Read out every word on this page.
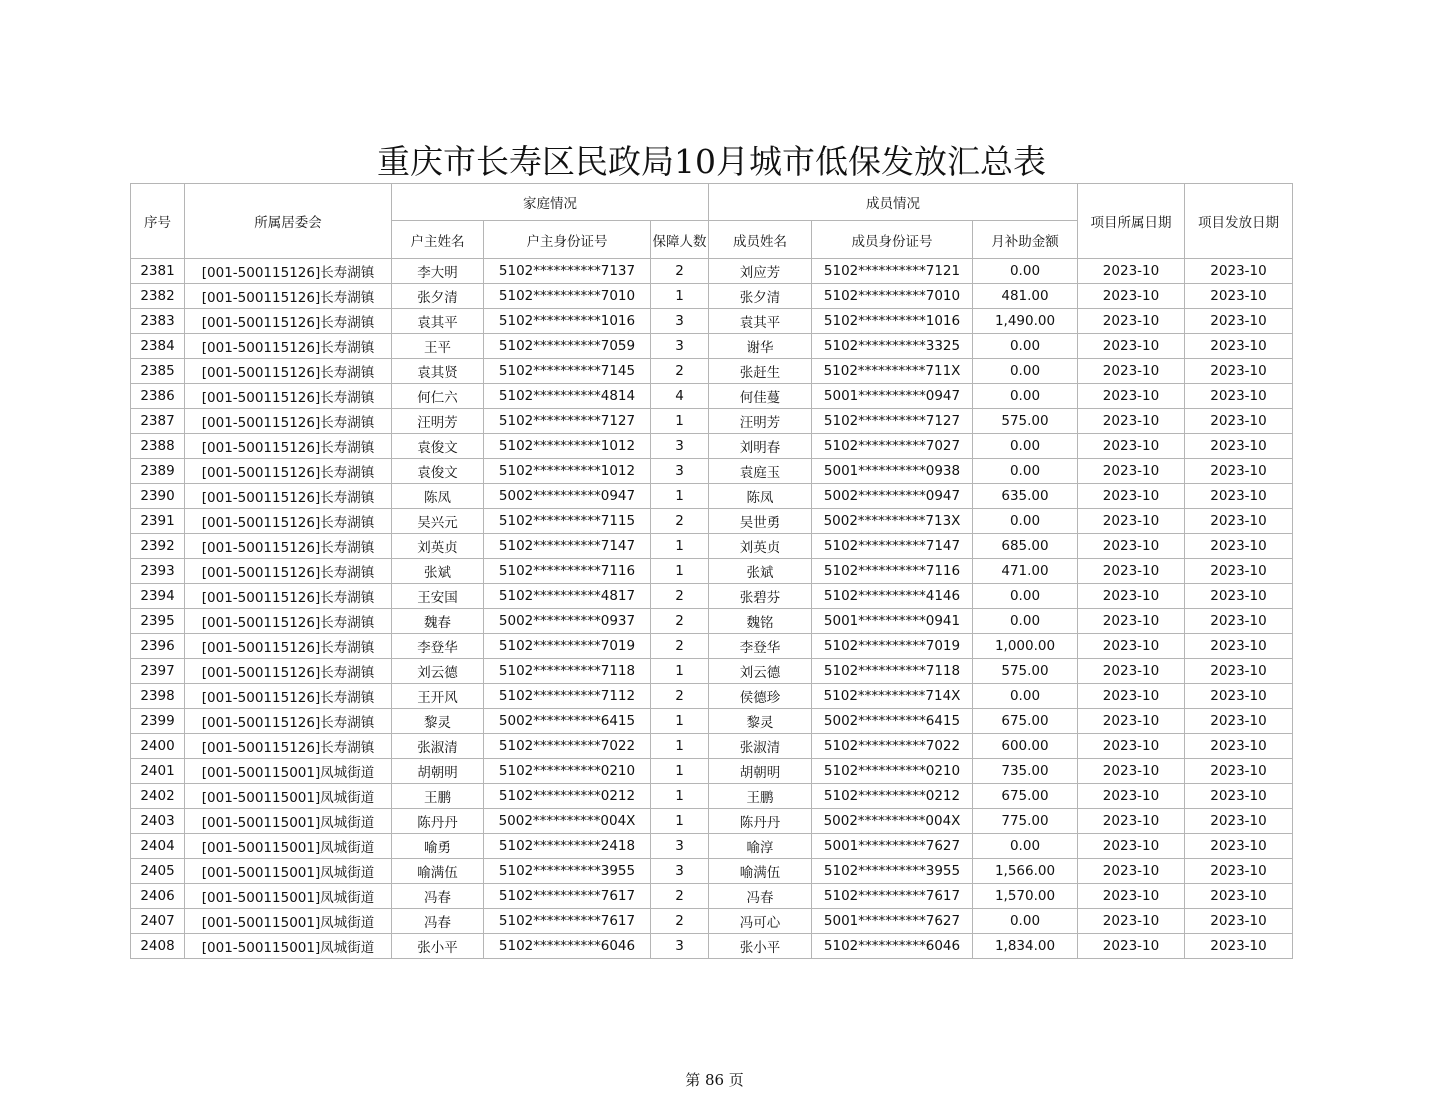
重庆市长寿区民政局10月城市低保发放汇总表
序号	所属居委会	家庭情况			成员情况			项目所属日期	项目发放日期
		户主姓名	户主身份证号	保障人数	成员姓名	成员身份证号	月补助金额		
2381	[001-500115126]长寿湖镇	李大明	5102**********7137	2	刘应芳	5102**********7121	0.00	2023-10	2023-10
2382	[001-500115126]长寿湖镇	张夕清	5102**********7010	1	张夕清	5102**********7010	481.00	2023-10	2023-10
2383	[001-500115126]长寿湖镇	袁其平	5102**********1016	3	袁其平	5102**********1016	1,490.00	2023-10	2023-10
2384	[001-500115126]长寿湖镇	王平	5102**********7059	3	谢华	5102**********3325	0.00	2023-10	2023-10
2385	[001-500115126]长寿湖镇	袁其贤	5102**********7145	2	张赶生	5102**********711X	0.00	2023-10	2023-10
2386	[001-500115126]长寿湖镇	何仁六	5102**********4814	4	何佳蔓	5001**********0947	0.00	2023-10	2023-10
2387	[001-500115126]长寿湖镇	汪明芳	5102**********7127	1	汪明芳	5102**********7127	575.00	2023-10	2023-10
2388	[001-500115126]长寿湖镇	袁俊文	5102**********1012	3	刘明春	5102**********7027	0.00	2023-10	2023-10
2389	[001-500115126]长寿湖镇	袁俊文	5102**********1012	3	袁庭玉	5001**********0938	0.00	2023-10	2023-10
2390	[001-500115126]长寿湖镇	陈凤	5002**********0947	1	陈凤	5002**********0947	635.00	2023-10	2023-10
2391	[001-500115126]长寿湖镇	吴兴元	5102**********7115	2	吴世勇	5002**********713X	0.00	2023-10	2023-10
2392	[001-500115126]长寿湖镇	刘英贞	5102**********7147	1	刘英贞	5102**********7147	685.00	2023-10	2023-10
2393	[001-500115126]长寿湖镇	张斌	5102**********7116	1	张斌	5102**********7116	471.00	2023-10	2023-10
2394	[001-500115126]长寿湖镇	王安国	5102**********4817	2	张碧芬	5102**********4146	0.00	2023-10	2023-10
2395	[001-500115126]长寿湖镇	魏春	5002**********0937	2	魏铭	5001**********0941	0.00	2023-10	2023-10
2396	[001-500115126]长寿湖镇	李登华	5102**********7019	2	李登华	5102**********7019	1,000.00	2023-10	2023-10
2397	[001-500115126]长寿湖镇	刘云德	5102**********7118	1	刘云德	5102**********7118	575.00	2023-10	2023-10
2398	[001-500115126]长寿湖镇	王开风	5102**********7112	2	侯德珍	5102**********714X	0.00	2023-10	2023-10
2399	[001-500115126]长寿湖镇	黎灵	5002**********6415	1	黎灵	5002**********6415	675.00	2023-10	2023-10
2400	[001-500115126]长寿湖镇	张淑清	5102**********7022	1	张淑清	5102**********7022	600.00	2023-10	2023-10
2401	[001-500115001]凤城街道	胡朝明	5102**********0210	1	胡朝明	5102**********0210	735.00	2023-10	2023-10
2402	[001-500115001]凤城街道	王鹏	5102**********0212	1	王鹏	5102**********0212	675.00	2023-10	2023-10
2403	[001-500115001]凤城街道	陈丹丹	5002**********004X	1	陈丹丹	5002**********004X	775.00	2023-10	2023-10
2404	[001-500115001]凤城街道	喻勇	5102**********2418	3	喻淳	5001**********7627	0.00	2023-10	2023-10
2405	[001-500115001]凤城街道	喻满伍	5102**********3955	3	喻满伍	5102**********3955	1,566.00	2023-10	2023-10
2406	[001-500115001]凤城街道	冯春	5102**********7617	2	冯春	5102**********7617	1,570.00	2023-10	2023-10
2407	[001-500115001]凤城街道	冯春	5102**********7617	2	冯可心	5001**********7627	0.00	2023-10	2023-10
2408	[001-500115001]凤城街道	张小平	5102**********6046	3	张小平	5102**********6046	1,834.00	2023-10	2023-10
第 86 页
